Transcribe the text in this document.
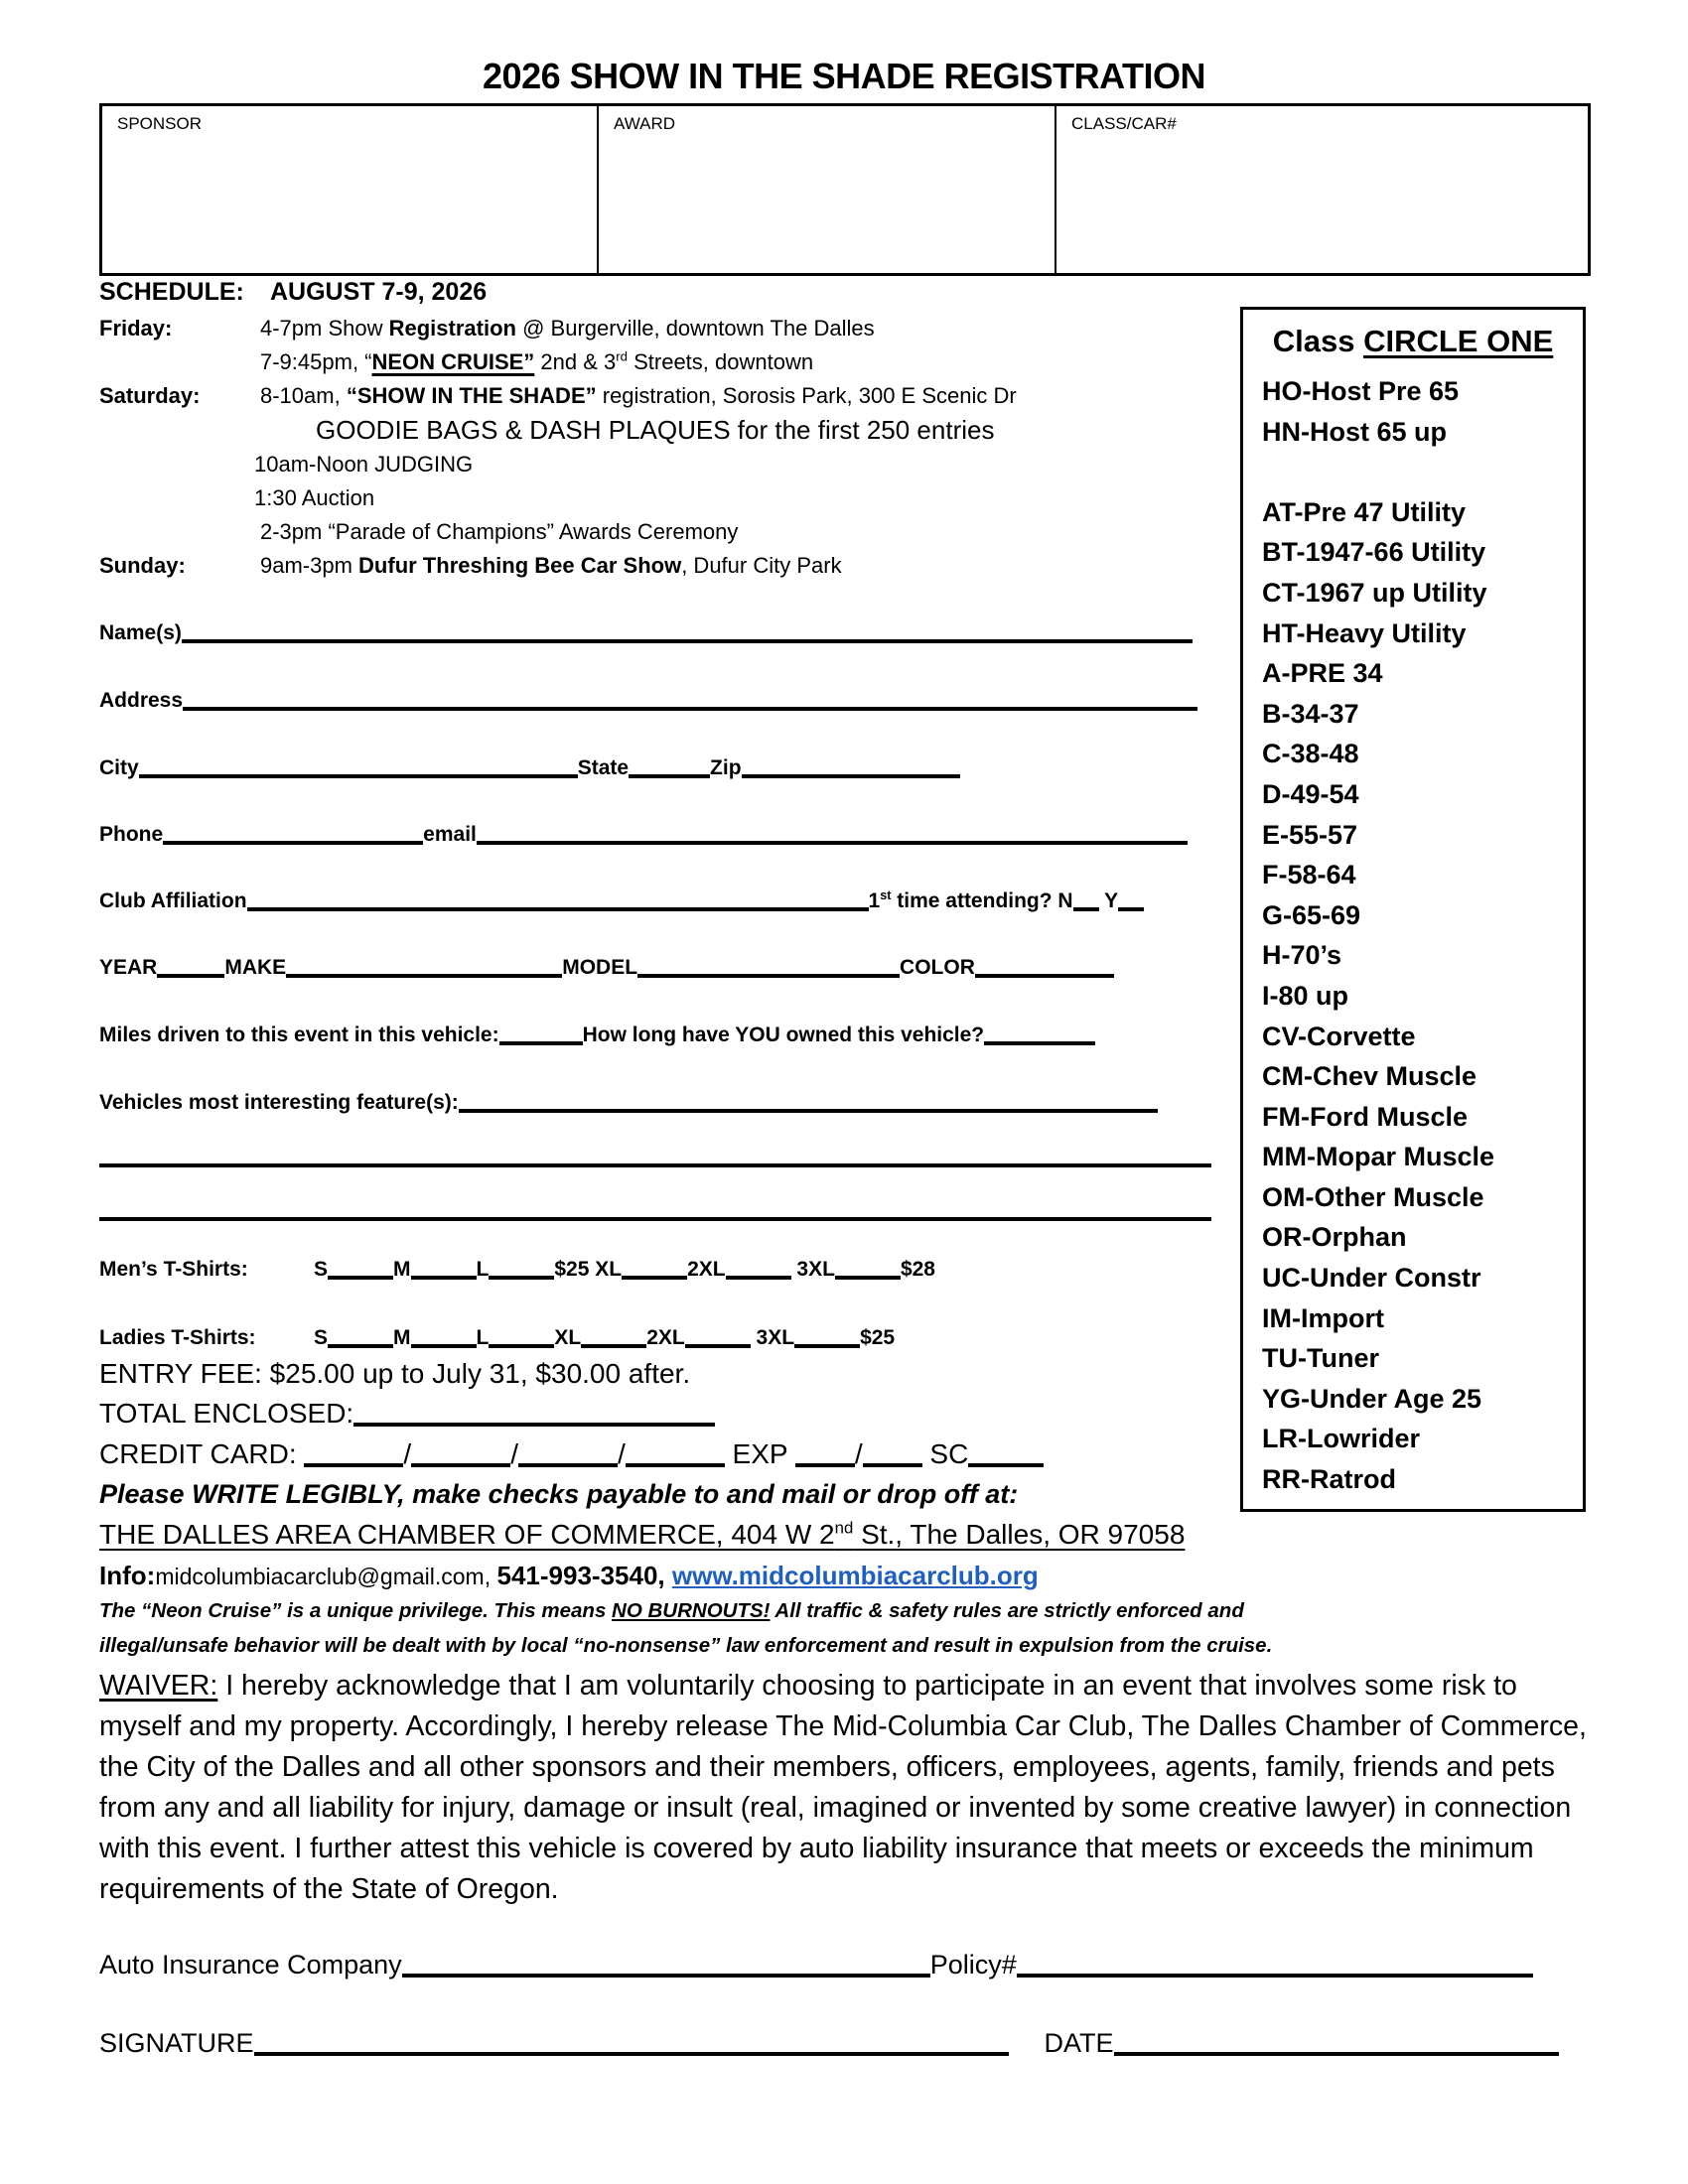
2026 SHOW IN THE SHADE REGISTRATION
SPONSOR	AWARD	CLASS/CAR#
SCHEDULE: AUGUST 7-9, 2026
Friday:	4-7pm Show Registration @ Burgerville, downtown The Dalles
7-9:45pm, “NEON CRUISE” 2nd & 3rd Streets, downtown
Saturday:	8-10am, “SHOW IN THE SHADE” registration, Sorosis Park, 300 E Scenic Dr
GOODIE BAGS & DASH PLAQUES for the first 250 entries
10am-Noon JUDGING
1:30 Auction
2-3pm “Parade of Champions” Awards Ceremony
Sunday:	9am-3pm Dufur Threshing Bee Car Show, Dufur City Park
Name(s)
Address
City	State	Zip
Phone	email
Club Affiliation	1st time attending? N Y
YEAR	MAKE	MODEL	COLOR
Miles driven to this event in this vehicle:	How long have YOU owned this vehicle?
Vehicles most interesting feature(s):
Men’s T-Shirts:	S	M	L	$25 XL	2XL	3XL	$28
Ladies T-Shirts:	S	M	L	XL	2XL	3XL	$25
ENTRY FEE: $25.00 up to July 31, $30.00 after.
TOTAL ENCLOSED:
CREDIT CARD:	/	/	/	EXP / SC
Please WRITE LEGIBLY, make checks payable to and mail or drop off at:
THE DALLES AREA CHAMBER OF COMMERCE, 404 W 2nd St., The Dalles, OR 97058
Info:midcolumbiacarclub@gmail.com, 541-993-3540, www.midcolumbiacarclub.org
The “Neon Cruise” is a unique privilege. This means NO BURNOUTS! All traffic & safety rules are strictly enforced and
illegal/unsafe behavior will be dealt with by local “no-nonsense” law enforcement and result in expulsion from the cruise.
WAIVER: I hereby acknowledge that I am voluntarily choosing to participate in an event that involves some risk to myself and my property. Accordingly, I hereby release The Mid-Columbia Car Club, The Dalles Chamber of Commerce, the City of the Dalles and all other sponsors and their members, officers, employees, agents, family, friends and pets from any and all liability for injury, damage or insult (real, imagined or invented by some creative lawyer) in connection with this event. I further attest this vehicle is covered by auto liability insurance that meets or exceeds the minimum requirements of the State of Oregon.
Auto Insurance Company	Policy#
SIGNATURE	DATE
Class CIRCLE ONE
HO-Host Pre 65
HN-Host 65 up
AT-Pre 47 Utility
BT-1947-66 Utility
CT-1967 up Utility
HT-Heavy Utility
A-PRE 34
B-34-37
C-38-48
D-49-54
E-55-57
F-58-64
G-65-69
H-70’s
I-80 up
CV-Corvette
CM-Chev Muscle
FM-Ford Muscle
MM-Mopar Muscle
OM-Other Muscle
OR-Orphan
UC-Under Constr
IM-Import
TU-Tuner
YG-Under Age 25
LR-Lowrider
RR-Ratrod
